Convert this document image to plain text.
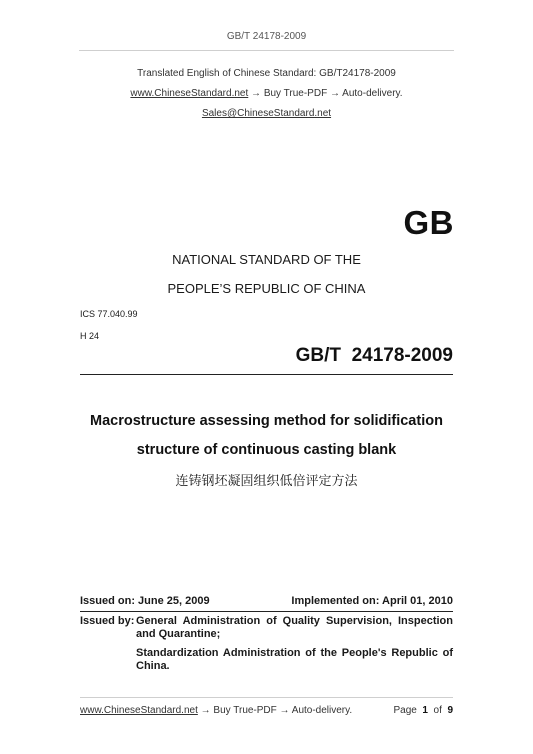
GB/T 24178-2009
Translated English of Chinese Standard: GB/T24178-2009
www.ChineseStandard.net → Buy True-PDF → Auto-delivery.
Sales@ChineseStandard.net
GB
NATIONAL STANDARD OF THE
PEOPLE’S REPUBLIC OF CHINA
ICS 77.040.99
H 24
GB/T  24178-2009
Macrostructure assessing method for solidification
structure of continuous casting blank
连铸钢坯凝固组织低倍评定方法
Issued on: June 25, 2009	Implemented on: April 01, 2010
Issued by: General Administration of Quality Supervision, Inspection and Quarantine;
Standardization Administration of the People's Republic of China.
www.ChineseStandard.net → Buy True-PDF → Auto-delivery.	Page 1 of 9
